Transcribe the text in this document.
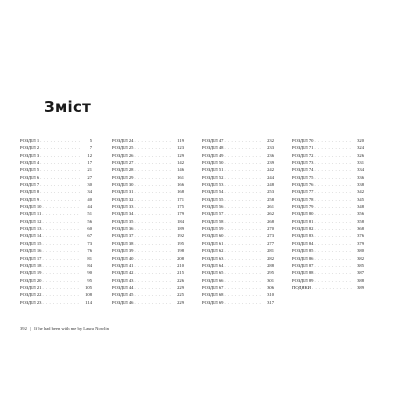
Зміст
РОЗДІЛ 1 . . .	5
РОЗДІЛ 2 . . .	7
РОЗДІЛ 3 . . .	12
РОЗДІЛ 4 . . .	17
РОЗДІЛ 5 . . .	21
РОЗДІЛ 6 . . .	27
РОЗДІЛ 7 . . .	30
РОЗДІЛ 8 . . .	34
РОЗДІЛ 9 . . .	40
РОЗДІЛ 10 . . .	44
РОЗДІЛ 11 . . .	51
РОЗДІЛ 12 . . .	56
РОЗДІЛ 13 . . .	60
РОЗДІЛ 14 . . .	67
РОЗДІЛ 15 . . .	73
РОЗДІЛ 16 . . .	76
РОЗДІЛ 17 . . .	81
РОЗДІЛ 18 . . .	84
РОЗДІЛ 19 . . .	90
РОЗДІЛ 20 . . .	95
РОЗДІЛ 21 . . .	105
РОЗДІЛ 22 . . .	108
РОЗДІЛ 23 . . .	114
РОЗДІЛ 24 . . .	119
РОЗДІЛ 25 . . .	123
РОЗДІЛ 26 . . .	129
РОЗДІЛ 27 . . .	142
РОЗДІЛ 28 . . .	146
РОЗДІЛ 29 . . .	161
РОЗДІЛ 30 . . .	166
РОЗДІЛ 31 . . .	168
РОЗДІЛ 32 . . .	171
РОЗДІЛ 33 . . .	175
РОЗДІЛ 34 . . .	179
РОЗДІЛ 35 . . .	184
РОЗДІЛ 36 . . .	189
РОЗДІЛ 37 . . .	192
РОЗДІЛ 38 . . .	195
РОЗДІЛ 39 . . .	198
РОЗДІЛ 40 . . .	208
РОЗДІЛ 41 . . .	210
РОЗДІЛ 42 . . .	215
РОЗДІЛ 43 . . .	226
РОЗДІЛ 44 . . .	229
РОЗДІЛ 45 . . .	225
РОЗДІЛ 46 . . .	229
РОЗДІЛ 47 . . .	232
РОЗДІЛ 48 . . .	233
РОЗДІЛ 49 . . .	236
РОЗДІЛ 50 . . .	239
РОЗДІЛ 51 . . .	242
РОЗДІЛ 52 . . .	244
РОЗДІЛ 53 . . .	248
РОЗДІЛ 54 . . .	253
РОЗДІЛ 55 . . .	258
РОЗДІЛ 56 . . .	261
РОЗДІЛ 57 . . .	262
РОЗДІЛ 58 . . .	268
РОЗДІЛ 59 . . .	270
РОЗДІЛ 60 . . .	273
РОЗДІЛ 61 . . .	277
РОЗДІЛ 62 . . .	281
РОЗДІЛ 63 . . .	282
РОЗДІЛ 64 . . .	288
РОЗДІЛ 65 . . .	295
РОЗДІЛ 66 . . .	301
РОЗДІЛ 67 . . .	306
РОЗДІЛ 68 . . .	310
РОЗДІЛ 69 . . .	317
РОЗДІЛ 70 . . .	320
РОЗДІЛ 71 . . .	324
РОЗДІЛ 72 . . .	326
РОЗДІЛ 73 . . .	331
РОЗДІЛ 74 . . .	334
РОЗДІЛ 75 . . .	336
РОЗДІЛ 76 . . .	338
РОЗДІЛ 77 . . .	342
РОЗДІЛ 78 . . .	345
РОЗДІЛ 79 . . .	348
РОЗДІЛ 80 . . .	356
РОЗДІЛ 81 . . .	358
РОЗДІЛ 82 . . .	368
РОЗДІЛ 83 . . .	376
РОЗДІЛ 84 . . .	379
РОЗДІЛ 85 . . .	380
РОЗДІЛ 86 . . .	382
РОЗДІЛ 87 . . .	385
РОЗДІЛ 88 . . .	387
РОЗДІЛ 89 . . .	388
ПОДЯКИ . . .	389
392 | If he had been with me by Laura Nowlin
